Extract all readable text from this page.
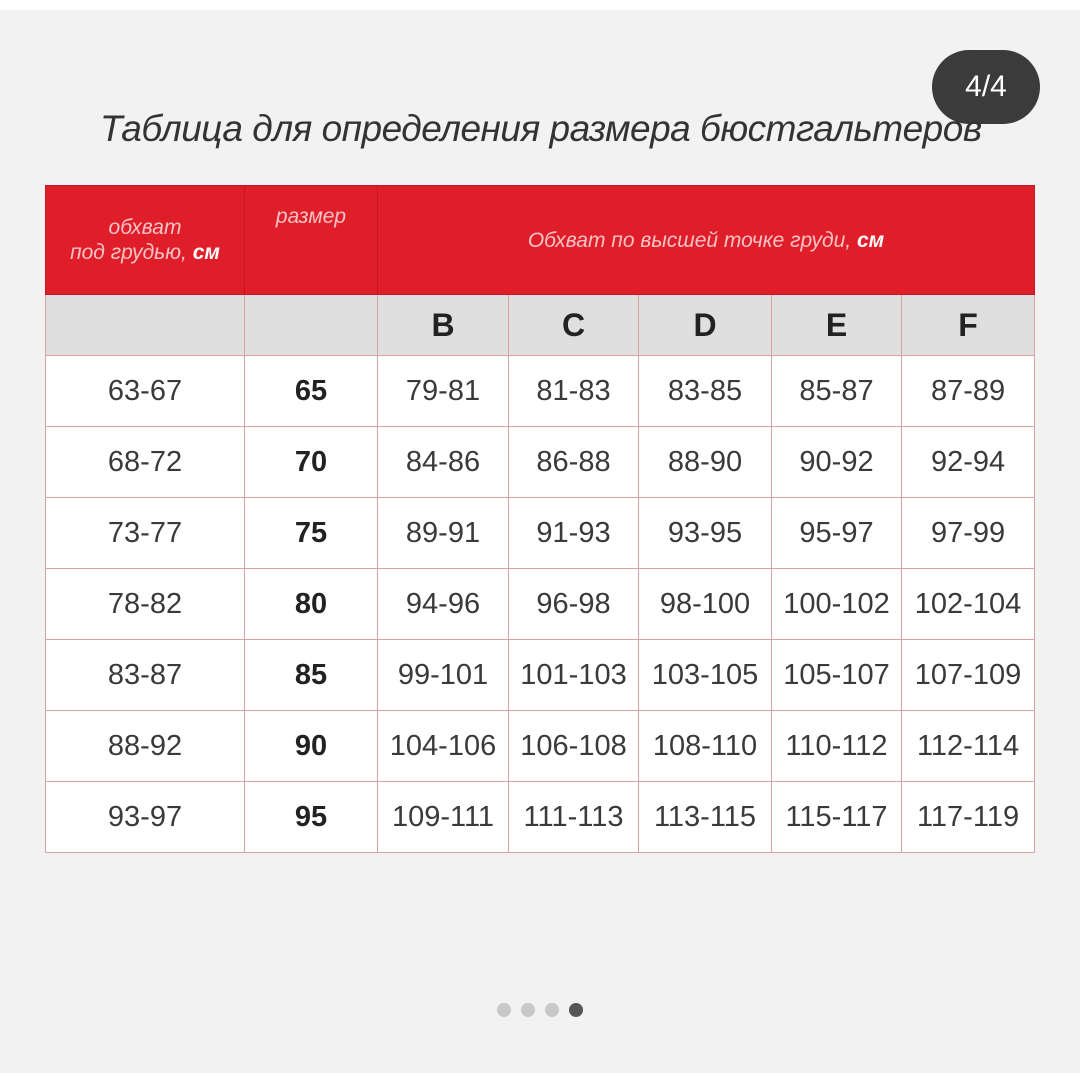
4/4
Таблица для определения размера бюстгальтеров
обхват
под грудью, см	размер	Обхват по высшей точке груди, см				
		B	C	D	E	F
63-67	65	79-81	81-83	83-85	85-87	87-89
68-72	70	84-86	86-88	88-90	90-92	92-94
73-77	75	89-91	91-93	93-95	95-97	97-99
78-82	80	94-96	96-98	98-100	100-102	102-104
83-87	85	99-101	101-103	103-105	105-107	107-109
88-92	90	104-106	106-108	108-110	110-112	112-114
93-97	95	109-111	111-113	113-115	115-117	117-119
